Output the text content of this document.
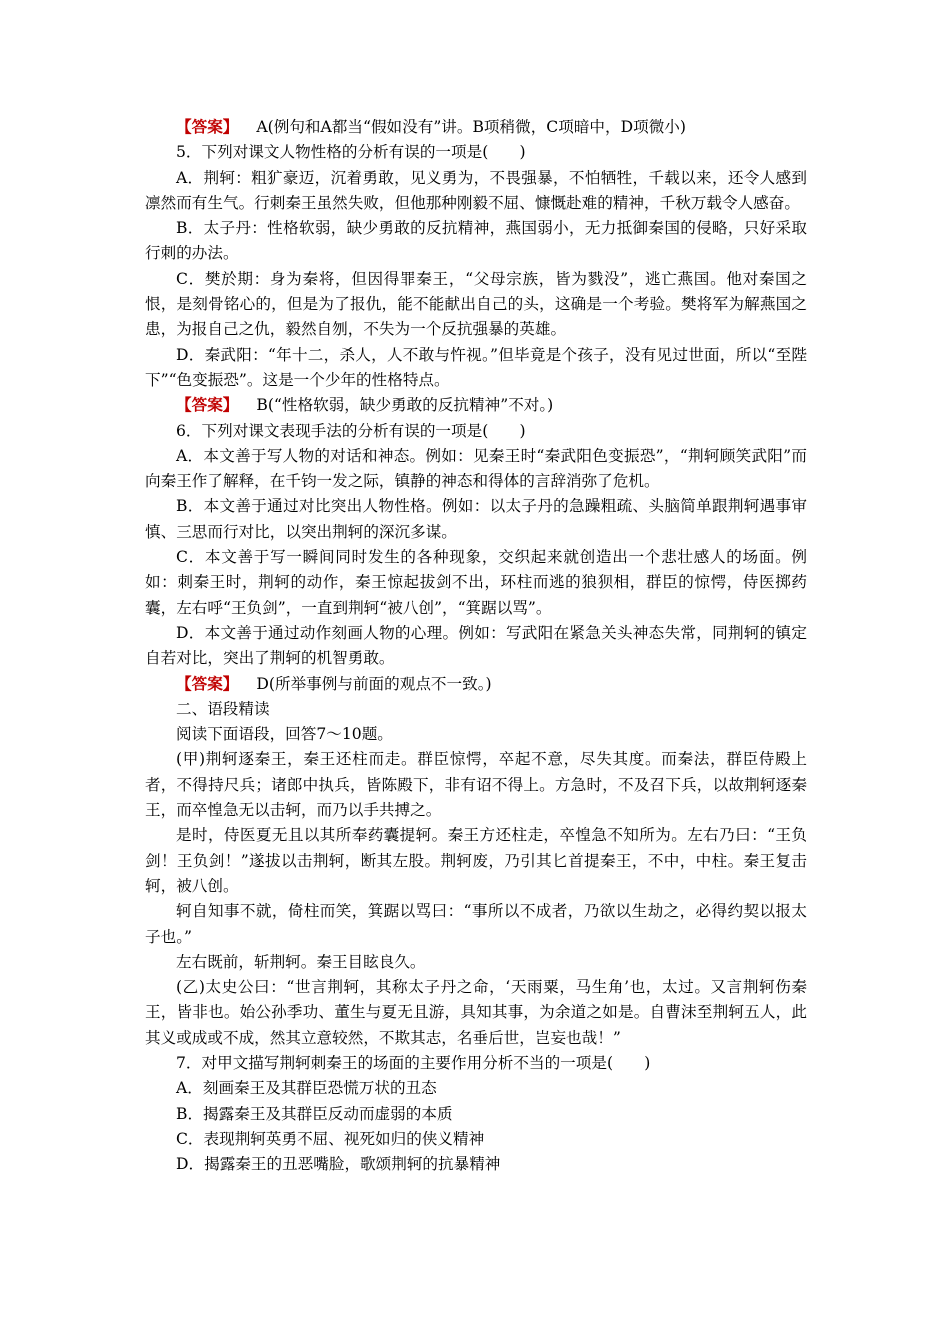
【答案】 A(例句和A都当“假如没有”讲。B项稍微，C项暗中，D项微小)

5．下列对课文人物性格的分析有误的一项是(　　)

A．荆轲：粗犷豪迈，沉着勇敢，见义勇为，不畏强暴，不怕牺牲，千载以来，还令人感到凛然而有生气。行刺秦王虽然失败，但他那种刚毅不屈、慷慨赴难的精神，千秋万载令人感奋。

B．太子丹：性格软弱，缺少勇敢的反抗精神，燕国弱小，无力抵御秦国的侵略，只好采取行刺的办法。

C．樊於期：身为秦将，但因得罪秦王，“父母宗族，皆为戮没”，逃亡燕国。他对秦国之恨，是刻骨铭心的，但是为了报仇，能不能献出自己的头，这确是一个考验。樊将军为解燕国之患，为报自己之仇，毅然自刎，不失为一个反抗强暴的英雄。

D．秦武阳：“年十二，杀人，人不敢与忤视。”但毕竟是个孩子，没有见过世面，所以“至陛下”“色变振恐”。这是一个少年的性格特点。

【答案】 B(“性格软弱，缺少勇敢的反抗精神”不对。)

6．下列对课文表现手法的分析有误的一项是(　　)

A．本文善于写人物的对话和神态。例如：见秦王时“秦武阳色变振恐”，“荆轲顾笑武阳”而向秦王作了解释，在千钧一发之际，镇静的神态和得体的言辞消弥了危机。

B．本文善于通过对比突出人物性格。例如：以太子丹的急躁粗疏、头脑简单跟荆轲遇事审慎、三思而行对比，以突出荆轲的深沉多谋。

C．本文善于写一瞬间同时发生的各种现象，交织起来就创造出一个悲壮感人的场面。例如：刺秦王时，荆轲的动作，秦王惊起拔剑不出，环柱而逃的狼狈相，群臣的惊愕，侍医掷药囊，左右呼“王负剑”，一直到荆轲“被八创”，“箕踞以骂”。

D．本文善于通过动作刻画人物的心理。例如：写武阳在紧急关头神态失常，同荆轲的镇定自若对比，突出了荆轲的机智勇敢。

【答案】 D(所举事例与前面的观点不一致。)

二、语段精读

阅读下面语段，回答7～10题。

(甲)荆轲逐秦王，秦王还柱而走。群臣惊愕，卒起不意，尽失其度。而秦法，群臣侍殿上者，不得持尺兵；诸郎中执兵，皆陈殿下，非有诏不得上。方急时，不及召下兵，以故荆轲逐秦王，而卒惶急无以击轲，而乃以手共搏之。

是时，侍医夏无且以其所奉药囊提轲。秦王方还柱走，卒惶急不知所为。左右乃曰：“王负剑！王负剑！”遂拔以击荆轲，断其左股。荆轲废，乃引其匕首提秦王，不中，中柱。秦王复击轲，被八创。

轲自知事不就，倚柱而笑，箕踞以骂曰：“事所以不成者，乃欲以生劫之，必得约契以报太子也。”

左右既前，斩荆轲。秦王目眩良久。

(乙)太史公曰：“世言荆轲，其称太子丹之命，‘天雨粟，马生角’也，太过。又言荆轲伤秦王，皆非也。始公孙季功、董生与夏无且游，具知其事，为余道之如是。自曹沫至荆轲五人，此其义或成或不成，然其立意较然，不欺其志，名垂后世，岂妄也哉！”

7．对甲文描写荆轲刺秦王的场面的主要作用分析不当的一项是(　　)

A．刻画秦王及其群臣恐慌万状的丑态

B．揭露秦王及其群臣反动而虚弱的本质

C．表现荆轲英勇不屈、视死如归的侠义精神

D．揭露秦王的丑恶嘴脸，歌颂荆轲的抗暴精神
